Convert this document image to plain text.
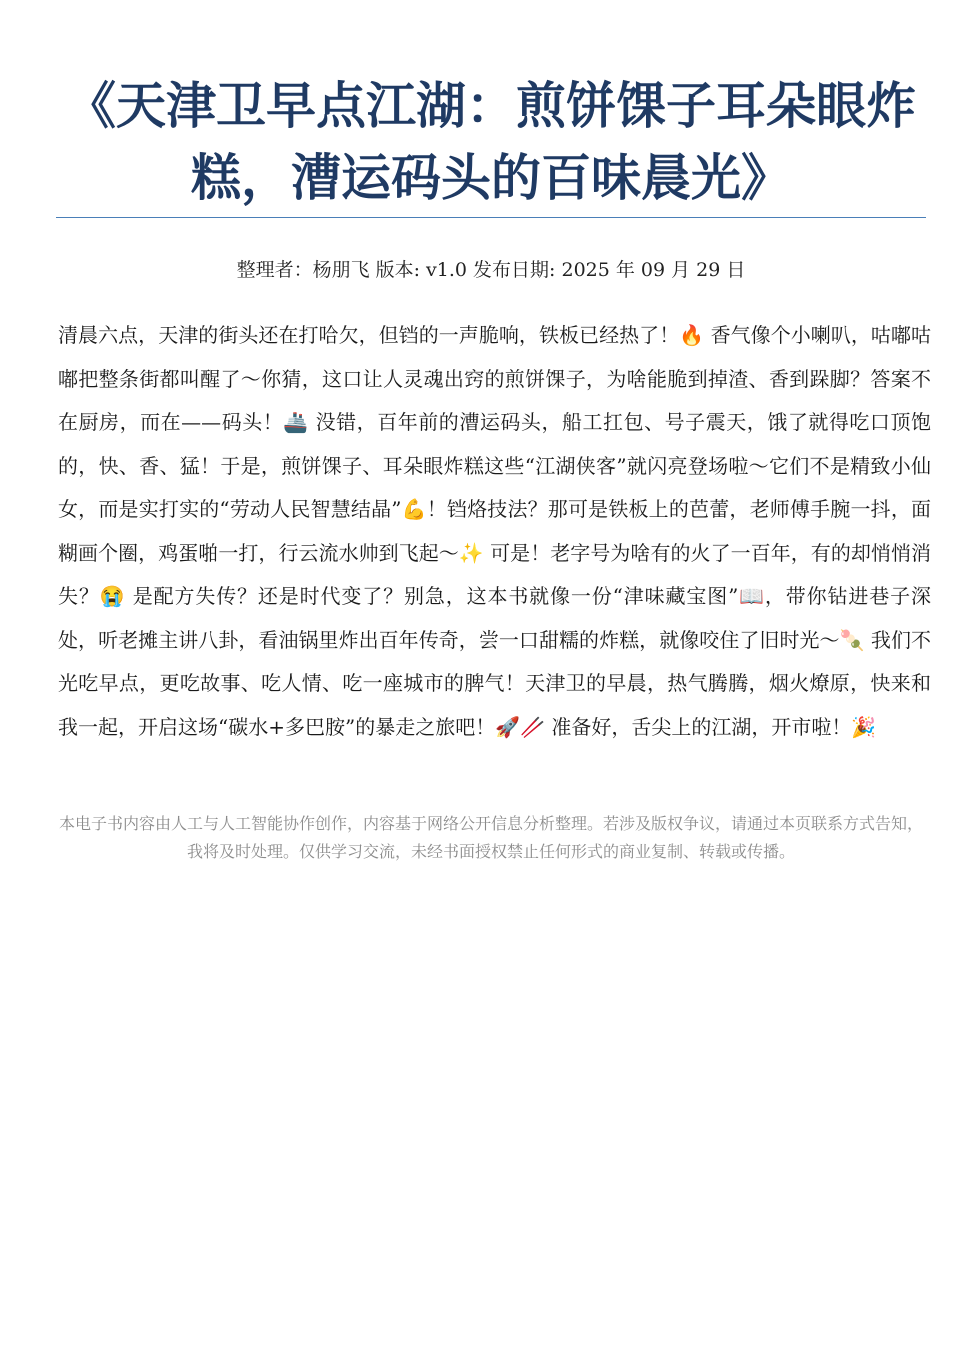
《天津卫早点江湖：煎饼馃子耳朵眼炸糕，漕运码头的百味晨光》
整理者：杨朋飞 版本: v1.0 发布日期: 2025 年 09 月 29 日

清晨六点，天津的街头还在打哈欠，但铛的一声脆响，铁板已经热了！🔥 香气像个小喇叭，咕嘟咕嘟把整条街都叫醒了～你猜，这口让人灵魂出窍的煎饼馃子，为啥能脆到掉渣、香到跺脚？答案不在厨房，而在——码头！🚢 没错，百年前的漕运码头，船工扛包、号子震天，饿了就得吃口顶饱的，快、香、猛！于是，煎饼馃子、耳朵眼炸糕这些“江湖侠客”就闪亮登场啦～它们不是精致小仙女，而是实打实的“劳动人民智慧结晶”💪！铛烙技法？那可是铁板上的芭蕾，老师傅手腕一抖，面糊画个圈，鸡蛋啪一打，行云流水帅到飞起～✨ 可是！老字号为啥有的火了一百年，有的却悄悄消失？😭 是配方失传？还是时代变了？别急，这本书就像一份“津味藏宝图”📖，带你钻进巷子深处，听老摊主讲八卦，看油锅里炸出百年传奇，尝一口甜糯的炸糕，就像咬住了旧时光～🍡 我们不光吃早点，更吃故事、吃人情、吃一座城市的脾气！天津卫的早晨，热气腾腾，烟火燎原，快来和我一起，开启这场“碳水+多巴胺”的暴走之旅吧！🚀🥢 准备好，舌尖上的江湖，开市啦！🎉

本电子书内容由人工与人工智能协作创作，内容基于网络公开信息分析整理。若涉及版权争议，请通过本页联系方式告知，我将及时处理。仅供学习交流，未经书面授权禁止任何形式的商业复制、转载或传播。
